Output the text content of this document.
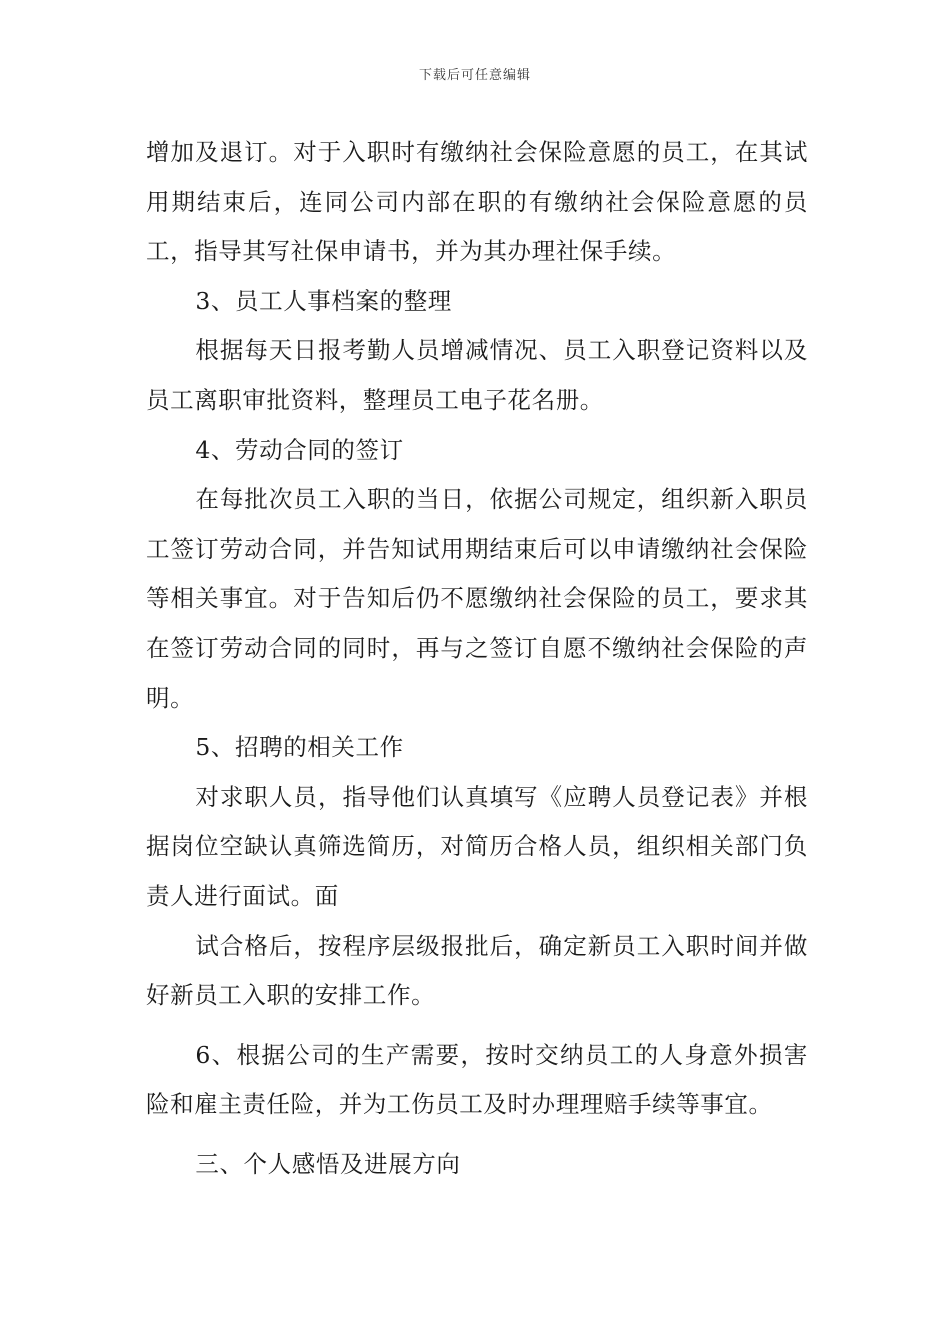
下载后可任意编辑

增加及退订。对于入职时有缴纳社会保险意愿的员工，在其试用期结束后，连同公司内部在职的有缴纳社会保险意愿的员工，指导其写社保申请书，并为其办理社保手续。

3、员工人事档案的整理

根据每天日报考勤人员增减情况、员工入职登记资料以及员工离职审批资料，整理员工电子花名册。

4、劳动合同的签订

在每批次员工入职的当日，依据公司规定，组织新入职员工签订劳动合同，并告知试用期结束后可以申请缴纳社会保险等相关事宜。对于告知后仍不愿缴纳社会保险的员工，要求其在签订劳动合同的同时，再与之签订自愿不缴纳社会保险的声明。

5、招聘的相关工作

对求职人员，指导他们认真填写《应聘人员登记表》并根据岗位空缺认真筛选简历，对简历合格人员，组织相关部门负责人进行面试。面

试合格后，按程序层级报批后，确定新员工入职时间并做好新员工入职的安排工作。

6、根据公司的生产需要，按时交纳员工的人身意外损害险和雇主责任险，并为工伤员工及时办理理赔手续等事宜。

三、个人感悟及进展方向
